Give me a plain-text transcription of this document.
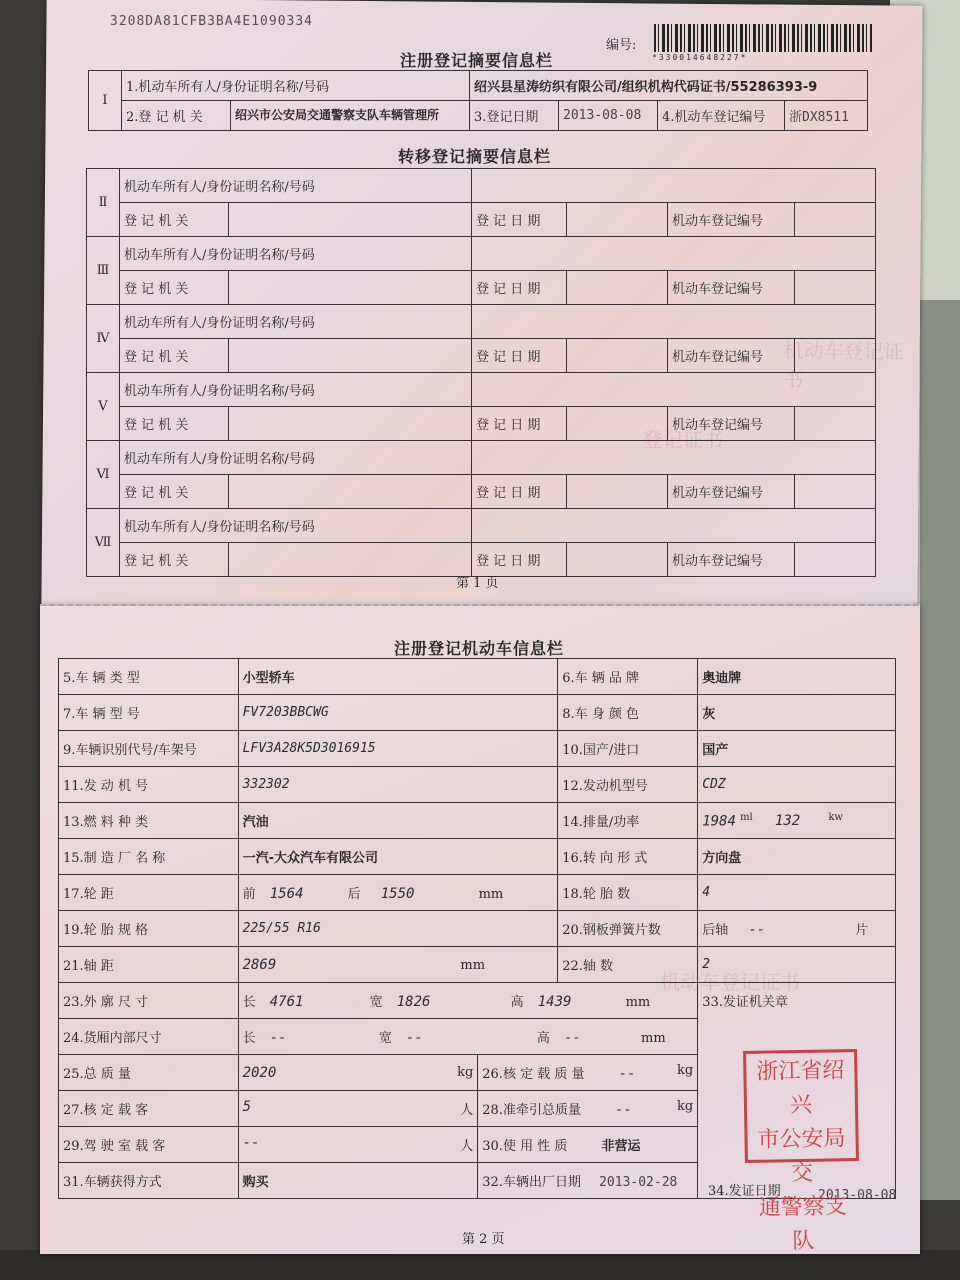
登记证书
机动车登记证书
3208DA81CFB3BA4E1090334
编号:
*330014648227*
注册登记摘要信息栏
Ⅰ	1.机动车所有人/身份证明名称/号码		绍兴县星涛纺织有限公司/组织机构代码证书/55286393-9			
	2.登 记 机 关	绍兴市公安局交通警察支队车辆管理所	3.登记日期	2013-08-08	4.机动车登记编号	浙DX8511
转移登记摘要信息栏
Ⅱ	机动车所有人/身份证明名称/号码					
	登 记 机 关		登 记 日 期		机动车登记编号	
Ⅲ	机动车所有人/身份证明名称/号码					
	登 记 机 关		登 记 日 期		机动车登记编号	
Ⅳ	机动车所有人/身份证明名称/号码					
	登 记 机 关		登 记 日 期		机动车登记编号	
Ⅴ	机动车所有人/身份证明名称/号码					
	登 记 机 关		登 记 日 期		机动车登记编号	
Ⅵ	机动车所有人/身份证明名称/号码					
	登 记 机 关		登 记 日 期		机动车登记编号	
Ⅶ	机动车所有人/身份证明名称/号码					
	登 记 机 关		登 记 日 期		机动车登记编号	
第 1 页
机动车登记证书
注册登记机动车信息栏
5.车 辆 类 型	小型轿车		6.车 辆 品 牌	奥迪牌
7.车 辆 型 号	FV7203BBCWG		8.车 身 颜 色	灰
9.车辆识别代号/车架号	LFV3A28K5D3016915		10.国产/进口	国产
11.发 动 机 号	332302		12.发动机型号	CDZ
13.燃 料 种 类	汽油		14.排量/功率	1984 $^{ml}$ 132 $^{kw}$
15.制 造 厂 名 称	一汽-大众汽车有限公司		16.转 向 形 式	方向盘
17.轮 距	前 1564 后 1550 mm		18.轮 胎 数	4
19.轮 胎 规 格	225/55 R16		20.钢板弹簧片数	后轴 -- 片
21.轴 距	2869 mm		22.轴 数	2
23.外 廓 尺 寸	长 4761 宽 1826 高 1439 mm			33.发证机关章
24.货厢内部尺寸	长 -- 宽 -- 高 -- mm			
25.总 质 量	2020 kg	26.核 定 载 质 量 -- kg		

27.核 定 载 客	5 人	28.准牵引总质量 -- kg		

29.驾 驶 室 载 客	-- 人	30.使 用 性 质 非营运		
31.车辆获得方式	购买	32.车辆出厂日期 2013-02-28		
34.发证日期	2013-08-08
浙江省绍兴
市公安局交
通警察支队
第 2 页
